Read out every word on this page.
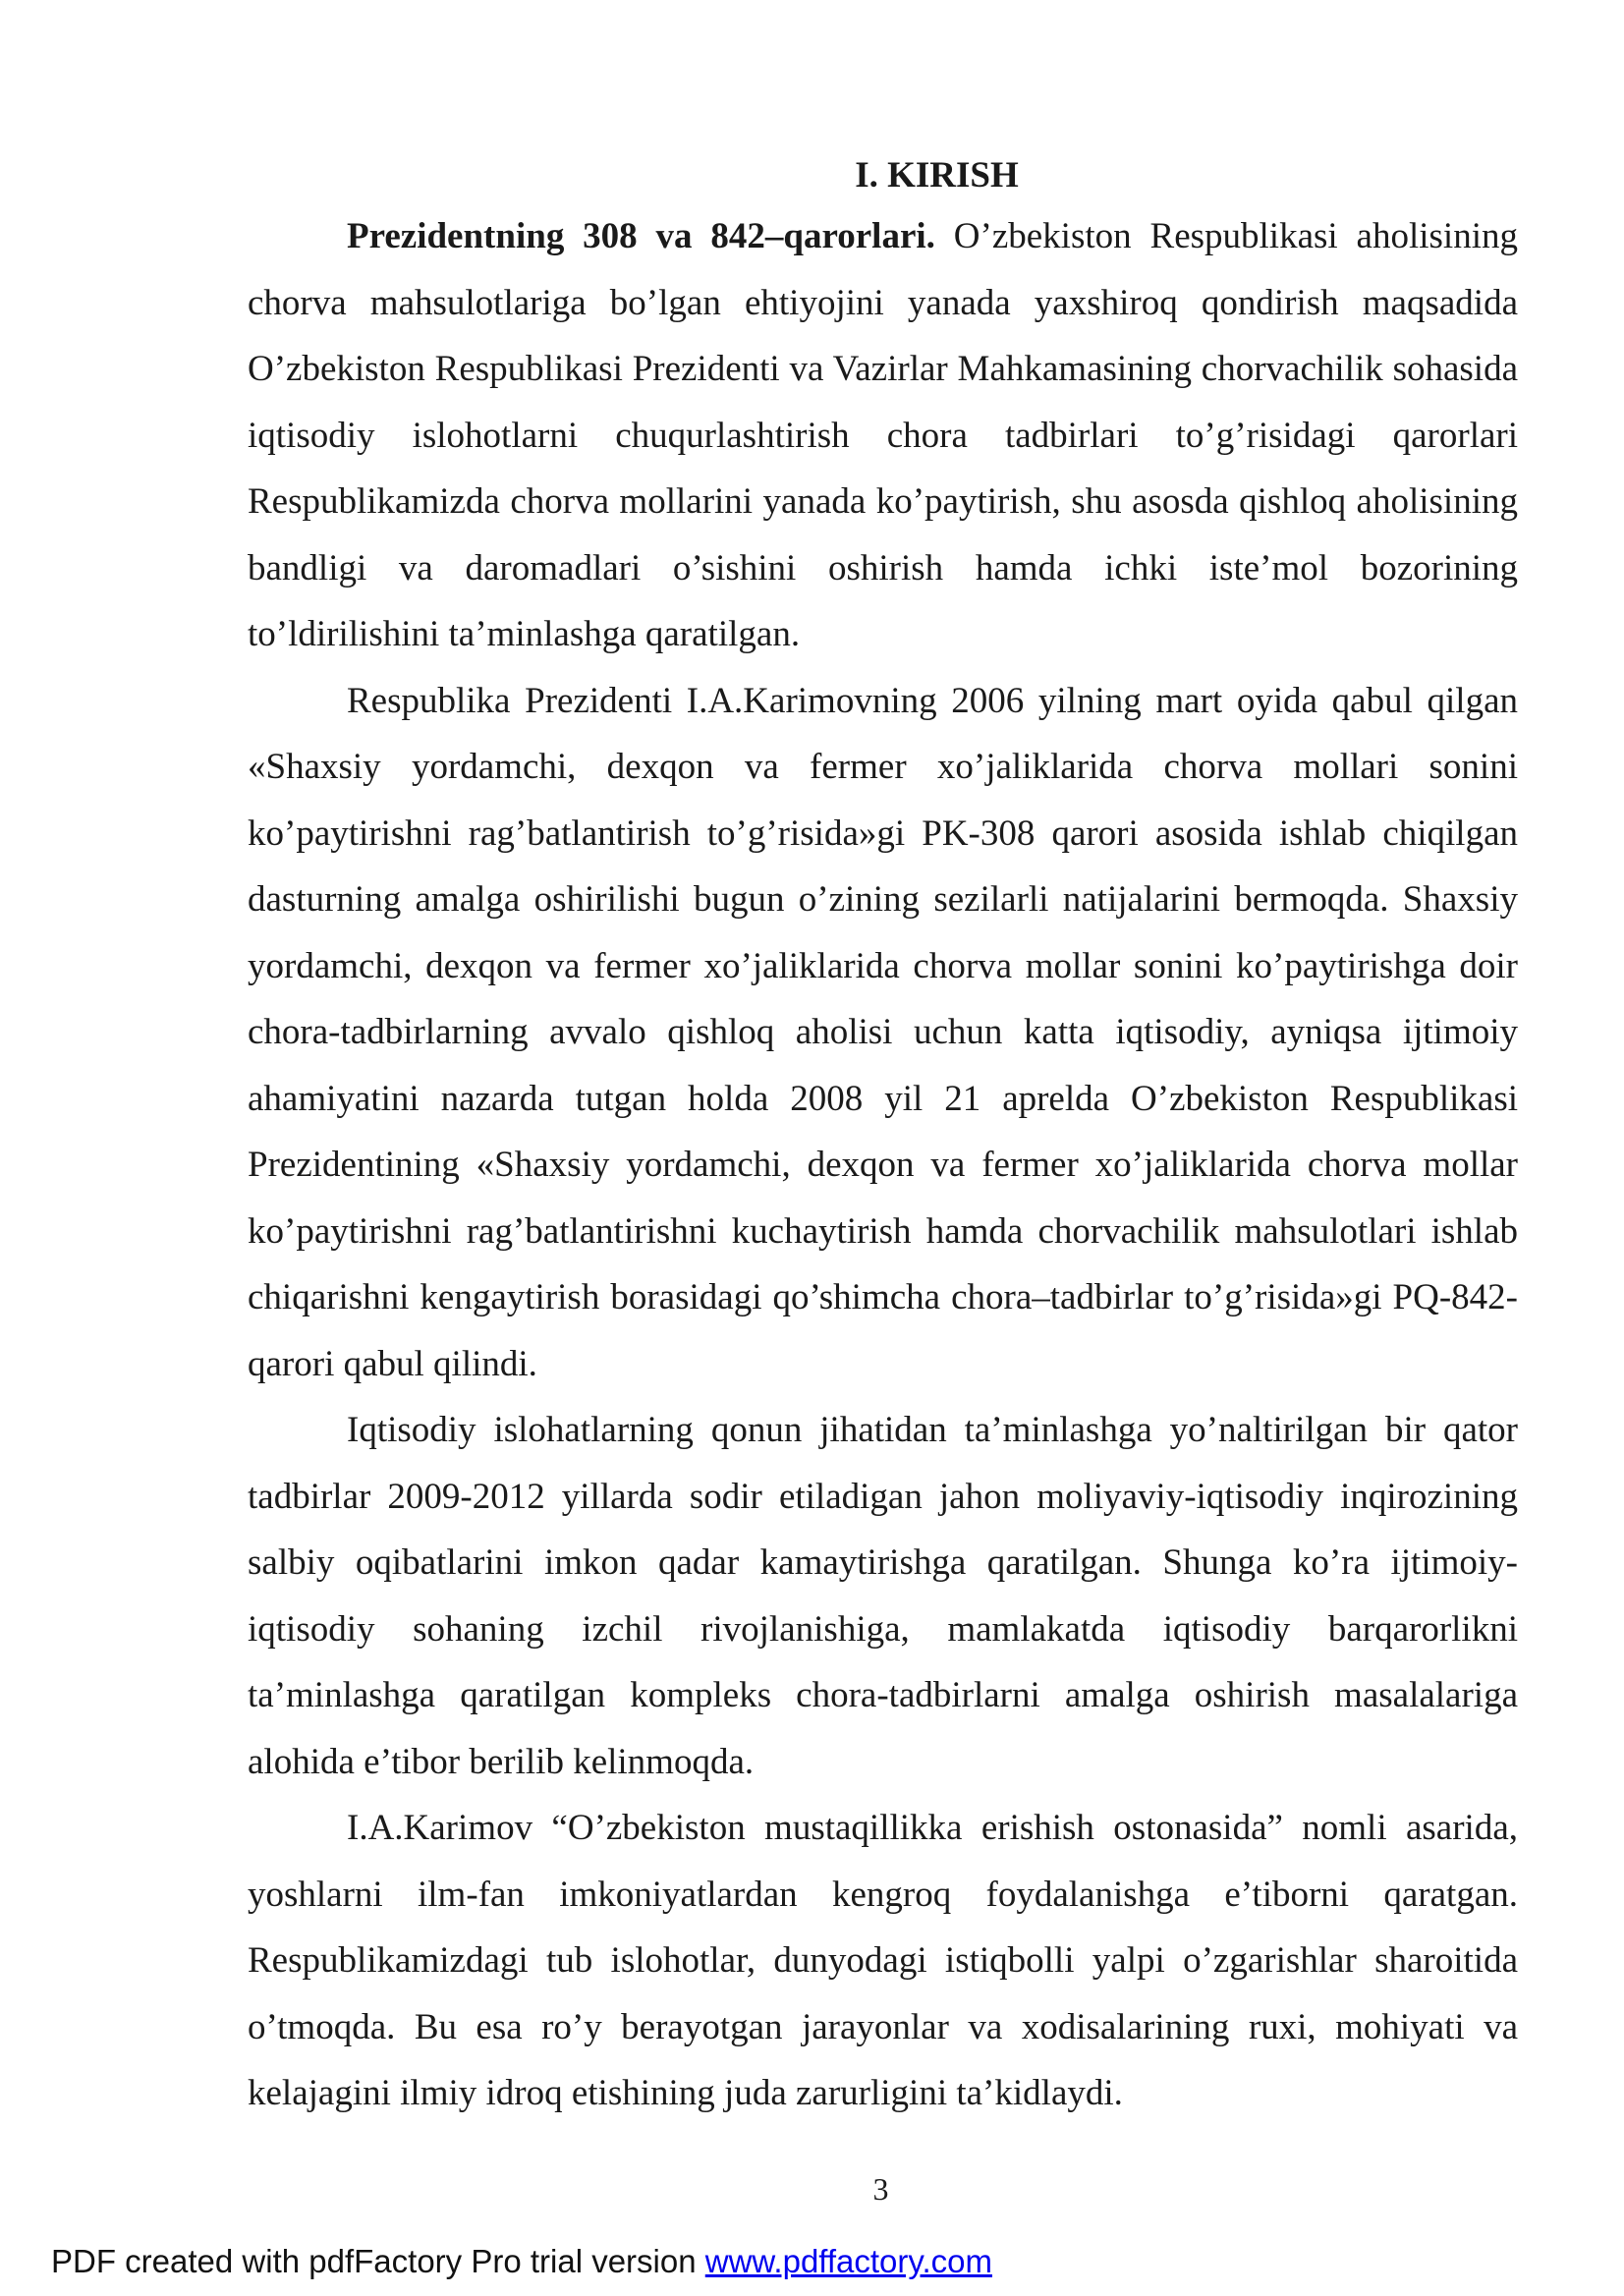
I. KIRISH

Prezidentning 308 va 842–qarorlari. O’zbekiston Respublikasi aholisining chorva mahsulotlariga bo’lgan ehtiyojini yanada yaxshiroq qondirish maqsadida O’zbekiston Respublikasi Prezidenti va Vazirlar Mahkamasining chorvachilik sohasida iqtisodiy islohotlarni chuqurlashtirish chora tadbirlari to’g’risidagi qarorlari Respublikamizda chorva mollarini yanada ko’paytirish, shu asosda qishloq aholisining bandligi va daromadlari o’sishini oshirish hamda ichki iste’mol bozorining to’ldirilishini ta’minlashga qaratilgan.

Respublika Prezidenti I.A.Karimovning 2006 yilning mart oyida qabul qilgan «Shaxsiy yordamchi, dexqon va fermer xo’jaliklarida chorva mollari sonini ko’paytirishni rag’batlantirish to’g’risida»gi PK-308 qarori asosida ishlab chiqilgan dasturning amalga oshirilishi bugun o’zining sezilarli natijalarini bermoqda. Shaxsiy yordamchi, dexqon va fermer xo’jaliklarida chorva mollar sonini ko’paytirishga doir chora-tadbirlarning avvalo qishloq aholisi uchun katta iqtisodiy, ayniqsa ijtimoiy ahamiyatini nazarda tutgan holda 2008 yil 21 aprelda O’zbekiston Respublikasi Prezidentining «Shaxsiy yordamchi, dexqon va fermer xo’jaliklarida chorva mollar ko’paytirishni rag’batlantirishni kuchaytirish hamda chorvachilik mahsulotlari ishlab chiqarishni kengaytirish borasidagi qo’shimcha chora–tadbirlar to’g’risida»gi PQ-842-qarori qabul qilindi.

Iqtisodiy islohatlarning qonun jihatidan ta’minlashga yo’naltirilgan bir qator tadbirlar 2009-2012 yillarda sodir etiladigan jahon moliyaviy-iqtisodiy inqirozining salbiy oqibatlarini imkon qadar kamaytirishga qaratilgan. Shunga ko’ra ijtimoiy-iqtisodiy sohaning izchil rivojlanishiga, mamlakatda iqtisodiy barqarorlikni ta’minlashga qaratilgan kompleks chora-tadbirlarni amalga oshirish masalalariga alohida e’tibor berilib kelinmoqda.

I.A.Karimov “O’zbekiston mustaqillikka erishish ostonasida” nomli asarida, yoshlarni ilm-fan imkoniyatlardan kengroq foydalanishga e’tiborni qaratgan. Respublikamizdagi tub islohotlar, dunyodagi istiqbolli yalpi o’zgarishlar sharoitida o’tmoqda. Bu esa ro’y berayotgan jarayonlar va xodisalarining ruxi, mohiyati va kelajagini ilmiy idroq etishining juda zarurligini ta’kidlaydi.

3
PDF created with pdfFactory Pro trial version www.pdffactory.com
